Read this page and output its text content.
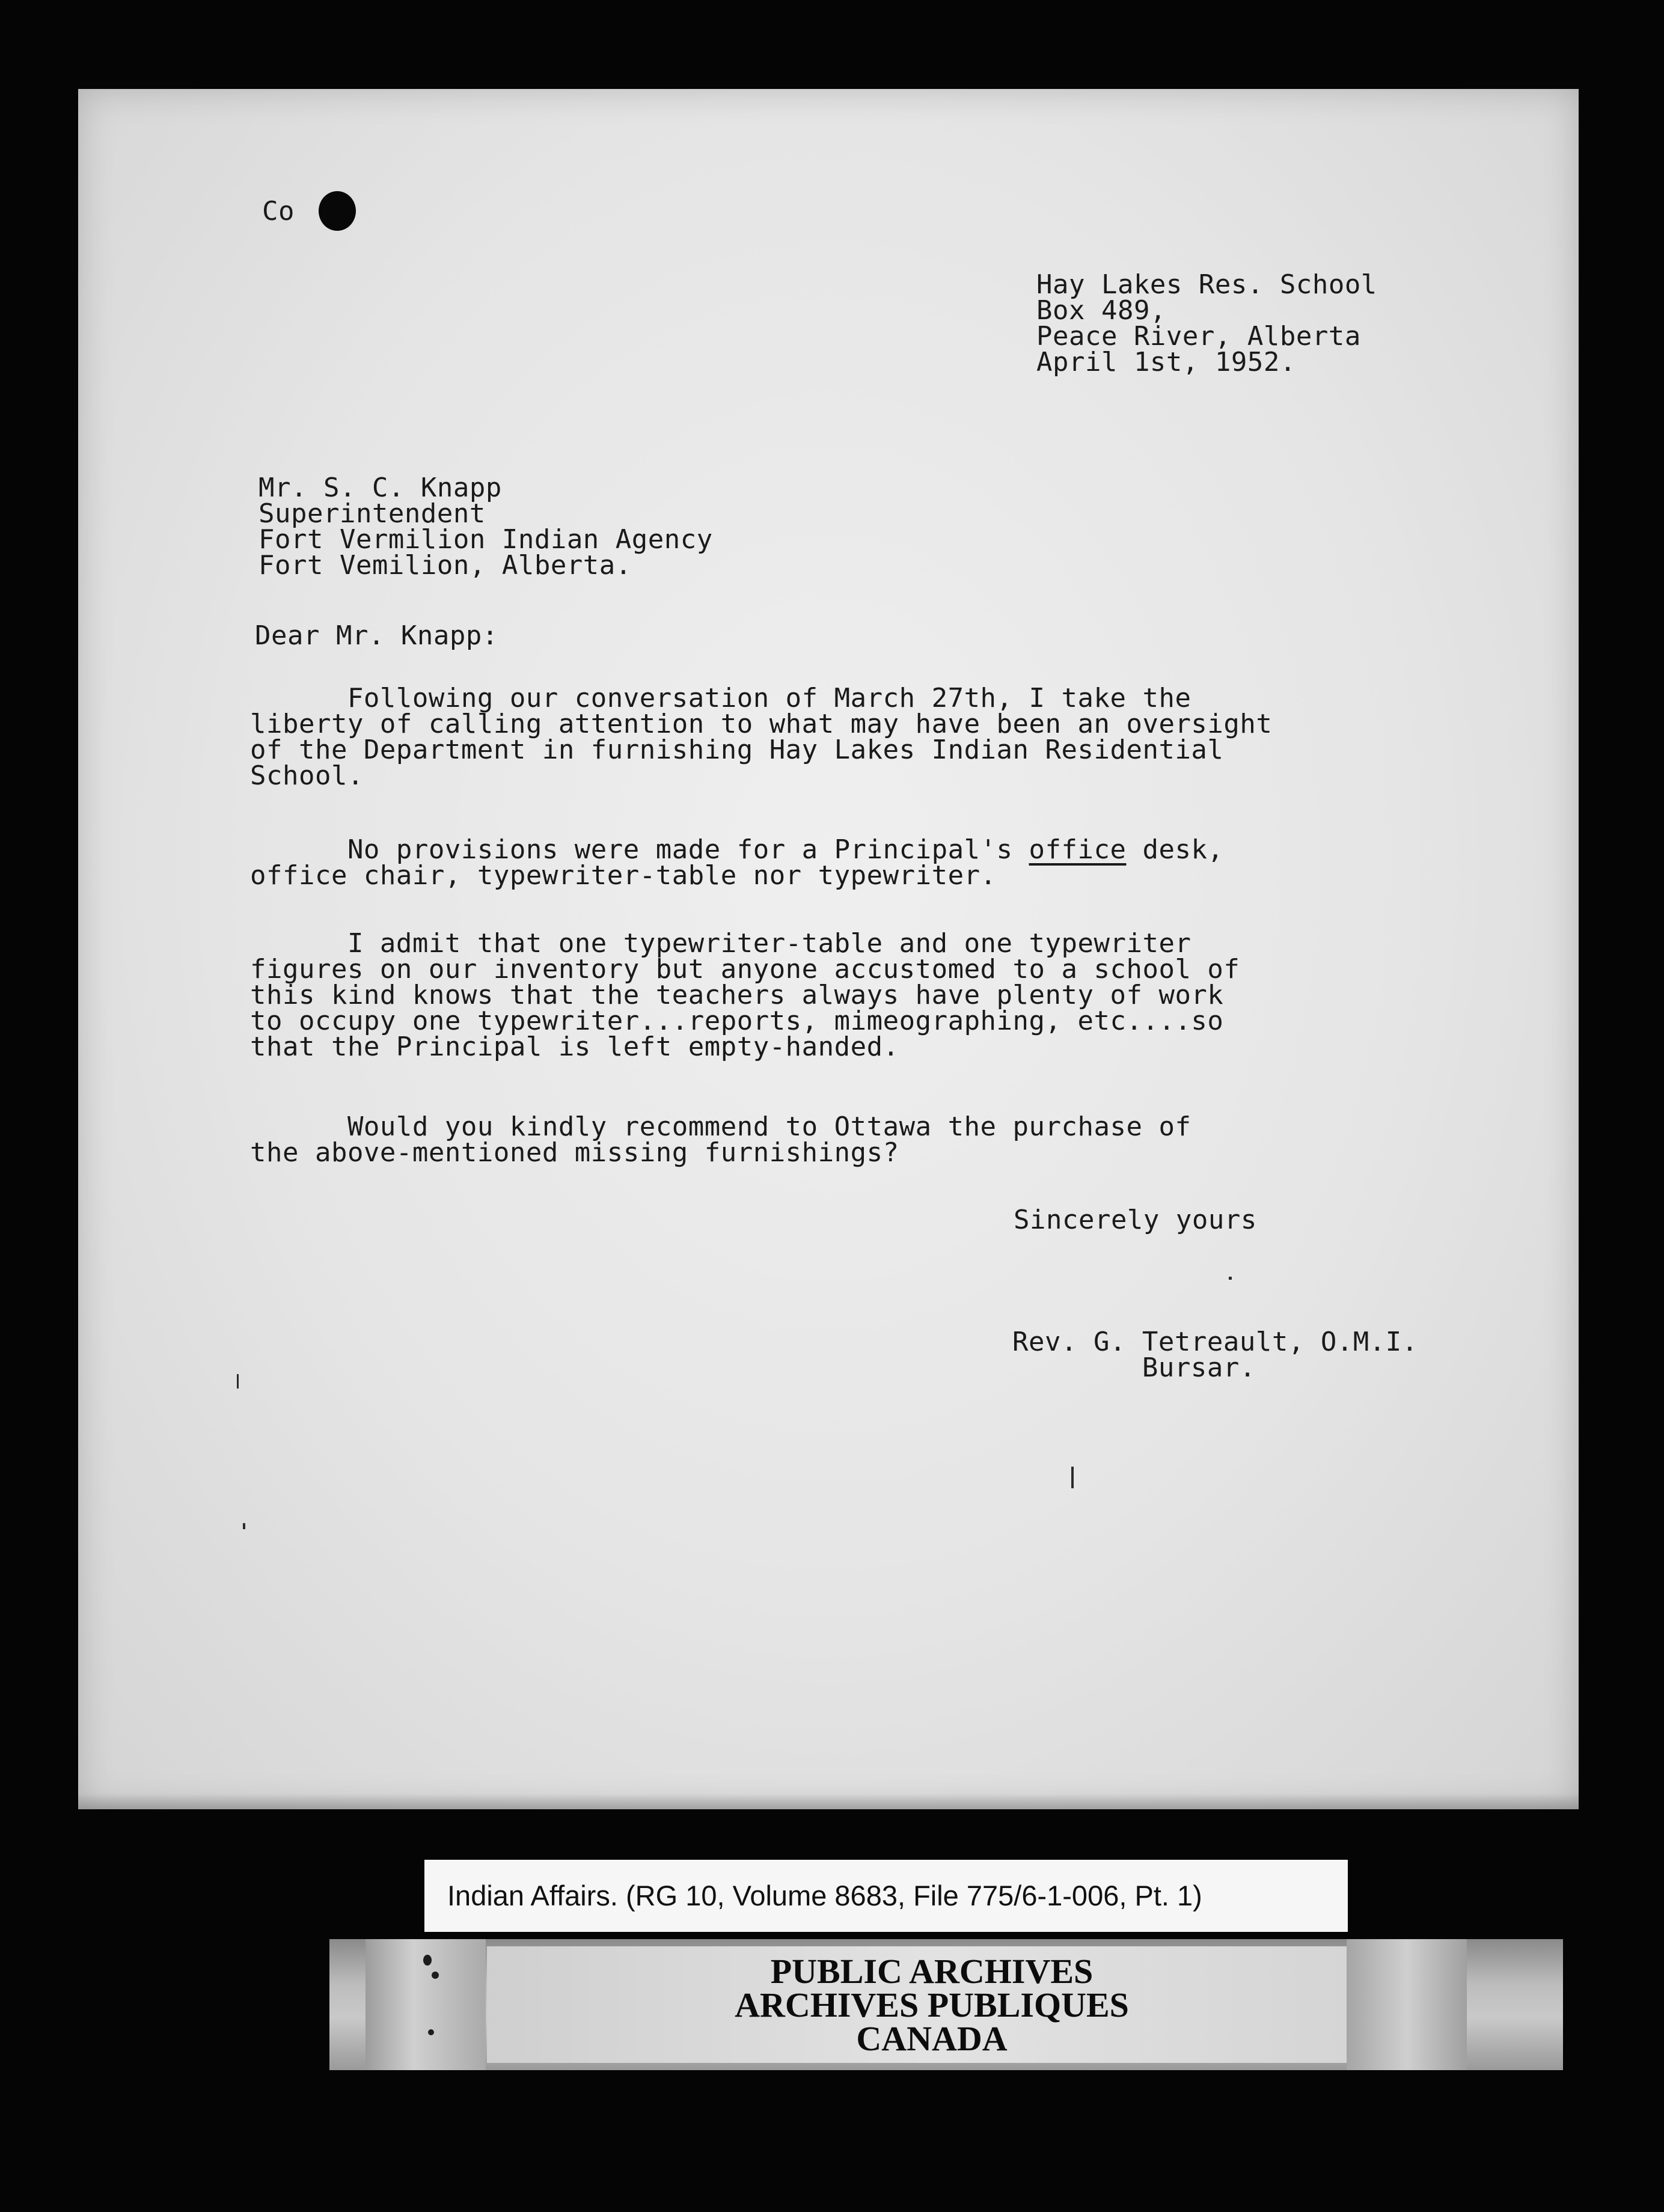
Co
Hay Lakes Res. School
Box 489,
Peace River, Alberta
April 1st, 1952.
Mr. S. C. Knapp
Superintendent
Fort Vermilion Indian Agency
Fort Vemilion, Alberta.
Dear Mr. Knapp:
Following our conversation of March 27th, I take the
liberty of calling attention to what may have been an oversight
of the Department in furnishing Hay Lakes Indian Residential
School.
No provisions were made for a Principal's office desk,
office chair, typewriter-table nor typewriter.
I admit that one typewriter-table and one typewriter
figures on our inventory but anyone accustomed to a school of
this kind knows that the teachers always have plenty of work
to occupy one typewriter...reports, mimeographing, etc....so
that the Principal is left empty-handed.
Would you kindly recommend to Ottawa the purchase of
the above-mentioned missing furnishings?
Sincerely yours
Rev. G. Tetreault, O.M.I.
Bursar.
Indian Affairs. (RG 10, Volume 8683, File 775/6-1-006, Pt. 1)
PUBLIC ARCHIVES
ARCHIVES PUBLIQUES
CANADA
